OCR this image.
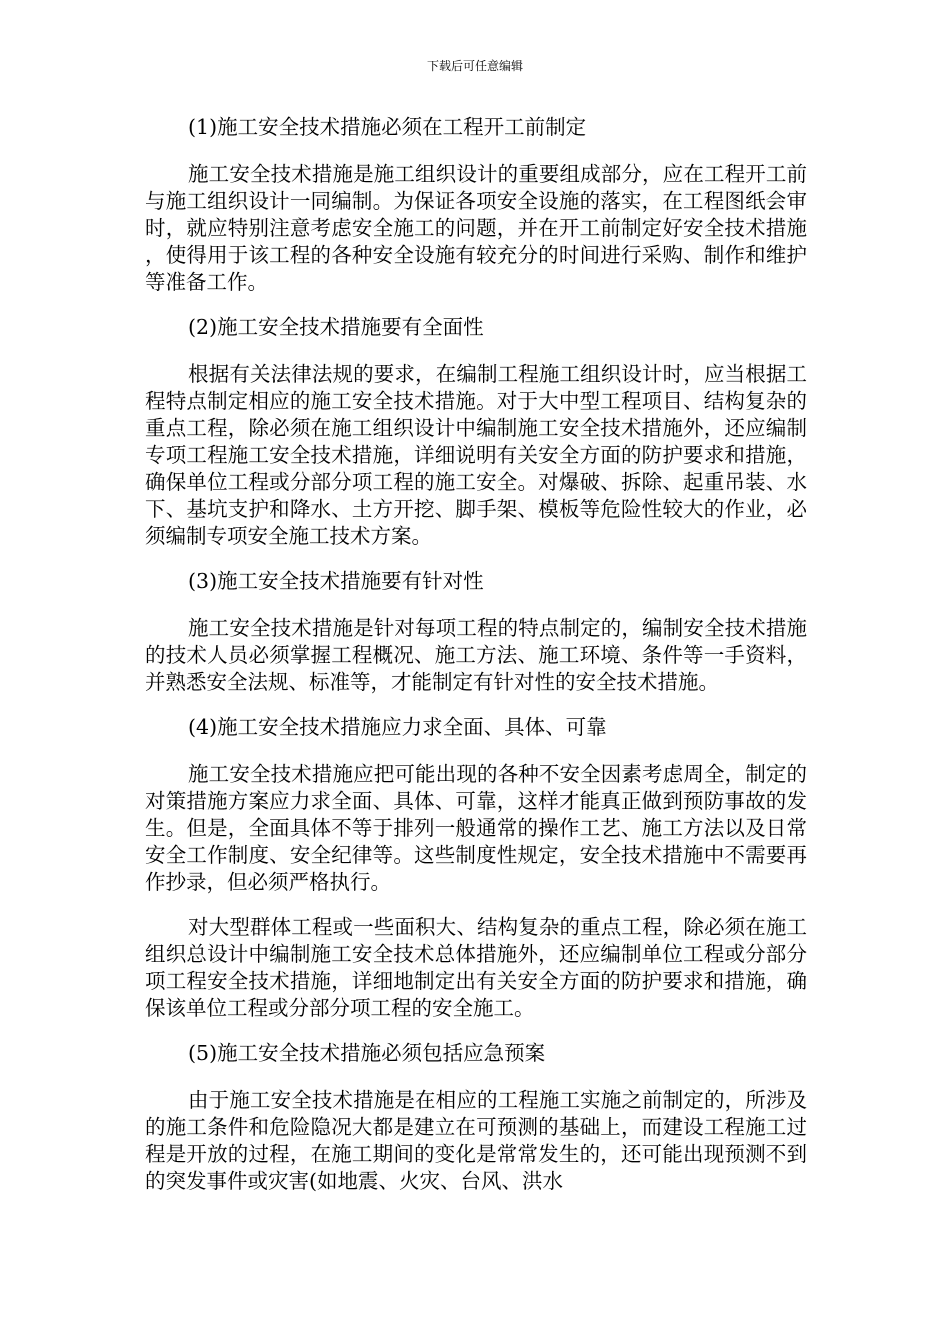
下载后可任意编辑

(1)施工安全技术措施必须在工程开工前制定

施工安全技术措施是施工组织设计的重要组成部分，应在工程开工前与施工组织设计一同编制。为保证各项安全设施的落实，在工程图纸会审时，就应特别注意考虑安全施工的问题，并在开工前制定好安全技术措施，使得用于该工程的各种安全设施有较充分的时间进行采购、制作和维护等准备工作。

(2)施工安全技术措施要有全面性

根据有关法律法规的要求，在编制工程施工组织设计时，应当根据工程特点制定相应的施工安全技术措施。对于大中型工程项目、结构复杂的重点工程，除必须在施工组织设计中编制施工安全技术措施外，还应编制专项工程施工安全技术措施，详细说明有关安全方面的防护要求和措施，确保单位工程或分部分项工程的施工安全。对爆破、拆除、起重吊装、水下、基坑支护和降水、土方开挖、脚手架、模板等危险性较大的作业，必须编制专项安全施工技术方案。

(3)施工安全技术措施要有针对性

施工安全技术措施是针对每项工程的特点制定的，编制安全技术措施的技术人员必须掌握工程概况、施工方法、施工环境、条件等一手资料，并熟悉安全法规、标准等，才能制定有针对性的安全技术措施。

(4)施工安全技术措施应力求全面、具体、可靠

施工安全技术措施应把可能出现的各种不安全因素考虑周全，制定的对策措施方案应力求全面、具体、可靠，这样才能真正做到预防事故的发生。但是，全面具体不等于排列一般通常的操作工艺、施工方法以及日常安全工作制度、安全纪律等。这些制度性规定，安全技术措施中不需要再作抄录，但必须严格执行。

对大型群体工程或一些面积大、结构复杂的重点工程，除必须在施工组织总设计中编制施工安全技术总体措施外，还应编制单位工程或分部分项工程安全技术措施，详细地制定出有关安全方面的防护要求和措施，确保该单位工程或分部分项工程的安全施工。

(5)施工安全技术措施必须包括应急预案

由于施工安全技术措施是在相应的工程施工实施之前制定的，所涉及的施工条件和危险隐况大都是建立在可预测的基础上，而建设工程施工过程是开放的过程，在施工期间的变化是常常发生的，还可能出现预测不到的突发事件或灾害(如地震、火灾、台风、洪水
